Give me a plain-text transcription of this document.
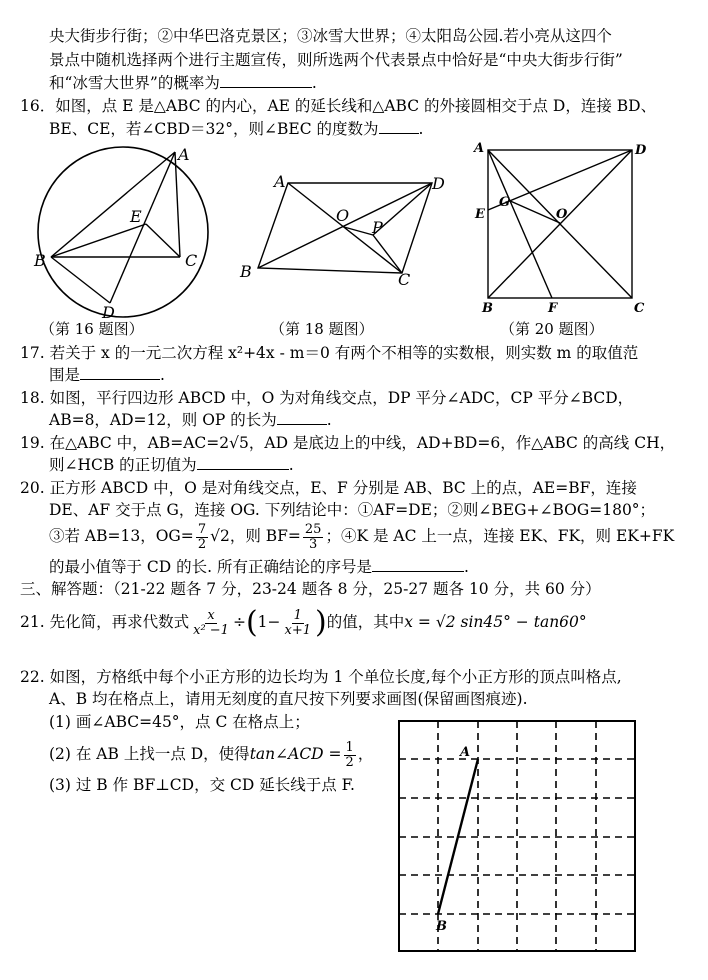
央大街步行街；②中华巴洛克景区；③冰雪大世界；④太阳岛公园.若小亮从这四个
景点中随机选择两个进行主题宣传，则所选两个代表景点中恰好是“中央大街步行街”
和“冰雪大世界”的概率为	.
16．如图，点 E 是△ABC 的内心，AE 的延长线和△ABC 的外接圆相交于点 D，连接 BD、
BE、CE，若∠CBD＝32°，则∠BEC 的度数为	.
A
B	C
D
E
（第 16 题图）
A
B	C
D
O
P
（第 18 题图）
A
B	C
D
E
F
G
O
（第 20 题图）
17. 若关于 x 的一元二次方程 x²+4x - m＝0 有两个不相等的实数根，则实数 m 的取值范
围是	.
18. 如图，平行四边形 ABCD 中，O 为对角线交点，DP 平分∠ADC，CP 平分∠BCD，
AB=8，AD=12，则 OP 的长为	.
19. 在△ABC 中，AB=AC=2√5，AD 是底边上的中线，AD+BD=6，作△ABC 的高线 CH，
则∠HCB 的正切值为	.
20. 正方形 ABCD 中，O 是对角线交点，E、F 分别是 AB、BC 上的点，AE=BF，连接
DE、AF 交于点 G，连接 OG. 下列结论中：①AF=DE；②则∠BEG+∠BOG=180°；
③若 AB=13，$OG= \frac{7}{2} √2$，则 $BF= \frac{25}{3}$ ；④K 是 AC 上一点，连接 EK、FK，则 EK+FK
的最小值等于 CD 的长. 所有正确结论的序号是	.
三、解答题：（21-22 题各 7 分，23-24 题各 8 分，25-27 题各 10 分，共 60 分）
21. 先化简，再求代数式 $\frac{x}{\text{x² −1}} \div(1- \frac{1}{x+1}$ )的值，其中x = √2 sin45° − tan60°
22. 如图，方格纸中每个小正方形的边长均为 1 个单位长度,每个小正方形的顶点叫格点,
A、B 均在格点上，请用无刻度的直尺按下列要求画图(保留画图痕迹).
(1) 画∠ABC=45°，点 C 在格点上；
(2) 在 AB 上找一点 D，使得tan∠ACD = $\frac{1}{2}$ ，
(3) 过 B 作 BF⊥CD，交 CD 延长线于点 F.
A
B
